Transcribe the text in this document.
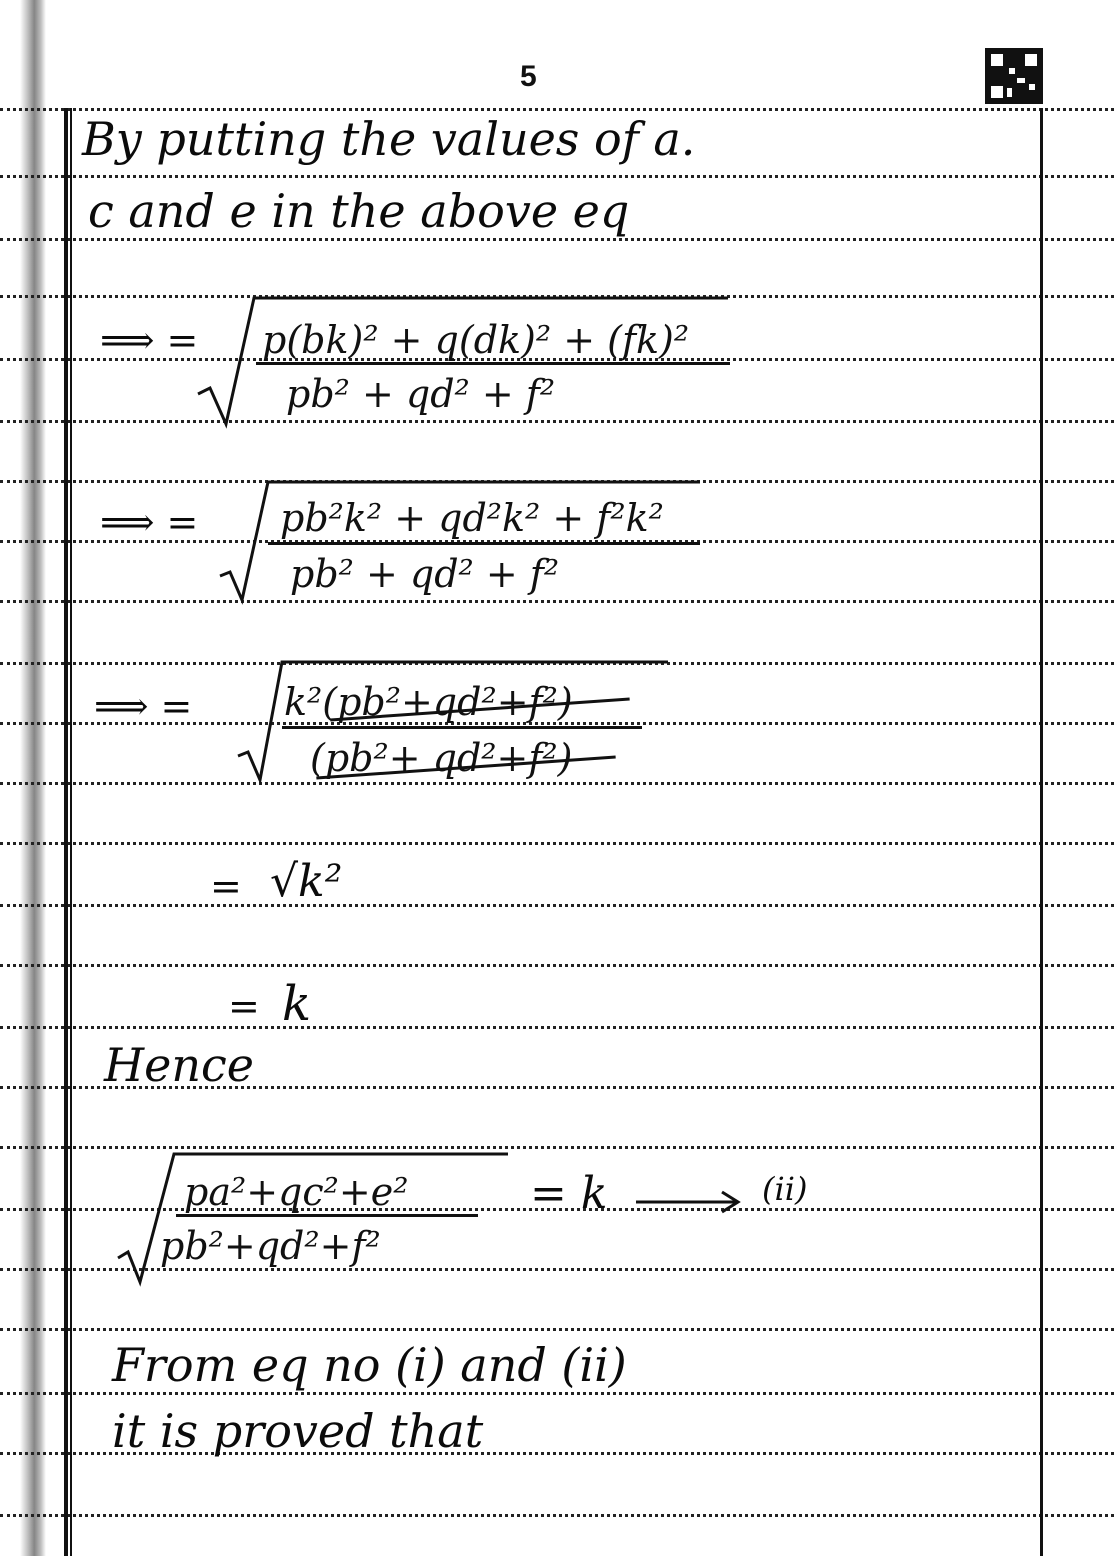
5
By putting the values of a.
c and e in the above eq
⟹ = p(bk)² + q(dk)² + (fk)²
pb² + qd² + f²
⟹ = pb²k² + qd²k² + f²k²
pb² + qd² + f²
⟹ = k²(pb²+qd²+f²)
(pb²+ qd²+f²)
= √k²
= k
Hence
pa²+qc²+e²
pb²+qd²+f²
= k	(ii)
From eq no (i) and (ii)
it is proved that
